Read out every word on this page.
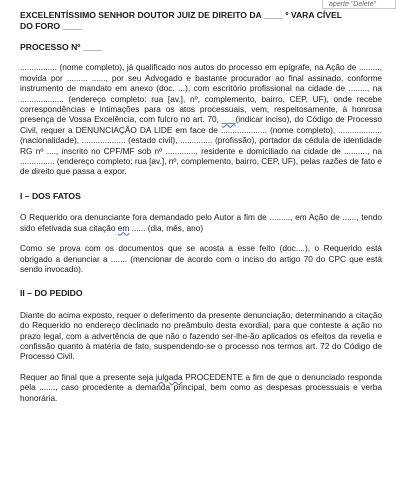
aperte "Delete"
EXCELENTÍSSIMO SENHOR DOUTOR JUIZ DE DIREITO DA ____ º VARA CÍVEL
DO FORO ____
PROCESSO Nº ____

................ (nome completo), já qualificado nos autos do processo em epígrafe, na Ação de ........., movida por ......... ......, por seu Advogado e bastante procurador ao final assinado, conforme instrumento de mandato em anexo (doc. ...), com escritório profissional na cidade de ........, na ................... (endereço completo: rua [av.], nº, complemento, bairro, CEP, UF), onde recebe correspondências e intimações para os atos processuais, vem, respeitosamente, à honrosa presença de Vossa Excelência, com fulcro no art. 70, ___(indicar inciso), do Código de Processo Civil, requer a DENUNCIAÇÃO DA LIDE em face de .................... (nome completo), ................... (nacionalidade), ................... (estado civil), .............. (profissão), portador da cédula de identidade RG nº ...., inscrito no CPF/MF sob nº ............., residente e domiciliado na cidade de .........., na ............... (endereço completo: rua [av.], nº, complemento, bairro, CEP, UF), pelas razões de fato e de direito que passa a expor.

I – DOS FATOS

O Requerido ora denunciante fora demandado pelo Autor a fim de ........., em Ação de ......, tendo sido efetivada sua citação em ...... (dia, mês, ano)

Como se prova com os documentos que se acosta a esse feito (doc....), o Requerido está obrigado a denunciar a ....... (mencionar de acordo com o inciso do artigo 70 do CPC que está sendo invocado).

II – DO PEDIDO

Diante do acima exposto, requer o deferimento da presente denunciação, determinando a citação do Requerido no endereço declinado no preâmbulo desta exordial, para que conteste a ação no prazo legal, com a advertência de que não o fazendo ser-lhe-ão aplicados os efeitos da revelia e confissão quanto à matéria de fato, suspendendo-se o processo nos termos art. 72 do Código de Processo Civil.

Requer ao final que a presente seja julgada PROCEDENTE a fim de que o denunciado responda pela ......., caso procedente a demanda principal, bem como as despesas processuais e verba honorária.
